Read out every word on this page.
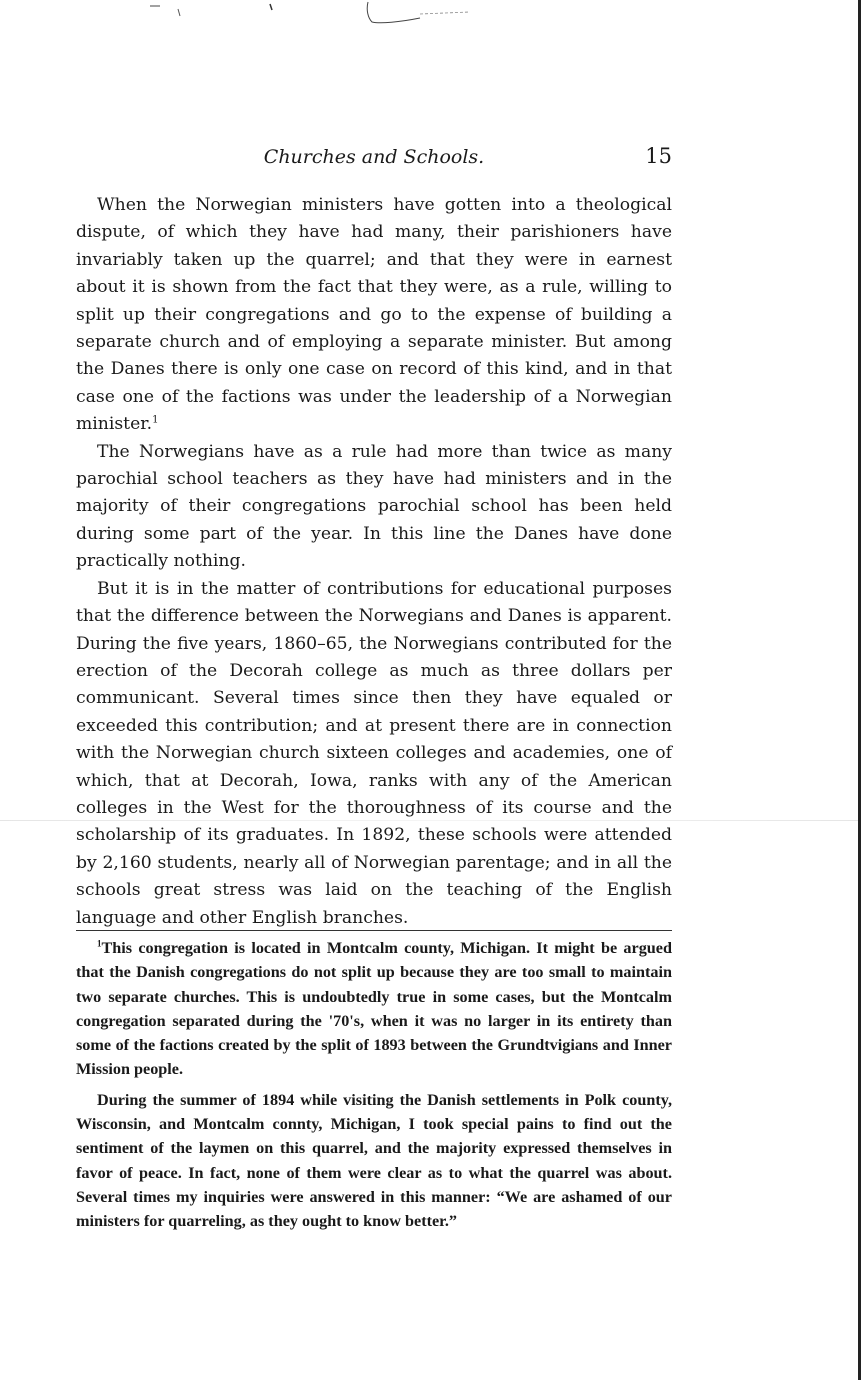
Churches and Schools.	15

When the Norwegian ministers have gotten into a theological dispute, of which they have had many, their parishioners have invariably taken up the quarrel; and that they were in earnest about it is shown from the fact that they were, as a rule, willing to split up their congregations and go to the expense of building a separate church and of employing a separate minister. But among the Danes there is only one case on record of this kind, and in that case one of the factions was under the leadership of a Norwegian minister.$^1$

The Norwegians have as a rule had more than twice as many parochial school teachers as they have had ministers and in the majority of their congregations parochial school has been held during some part of the year. In this line the Danes have done practically nothing.

But it is in the matter of contributions for educational purposes that the difference between the Norwegians and Danes is apparent. During the five years, 1860–65, the Norwegians contributed for the erection of the Decorah college as much as three dollars per communicant. Several times since then they have equaled or exceeded this contribution; and at present there are in connection with the Norwegian church sixteen colleges and academies, one of which, that at Decorah, Iowa, ranks with any of the American colleges in the West for the thoroughness of its course and the scholarship of its graduates. In 1892, these schools were attended by 2,160 students, nearly all of Norwegian parentage; and in all the schools great stress was laid on the teaching of the English language and other English branches.

$^1$This congregation is located in Montcalm county, Michigan. It might be argued that the Danish congregations do not split up because they are too small to maintain two separate churches. This is undoubtedly true in some cases, but the Montcalm congregation separated during the '70's, when it was no larger in its entirety than some of the factions created by the split of 1893 between the Grundtvigians and Inner Mission people.

During the summer of 1894 while visiting the Danish settlements in Polk county, Wisconsin, and Montcalm connty, Michigan, I took special pains to find out the sentiment of the laymen on this quarrel, and the majority expressed themselves in favor of peace. In fact, none of them were clear as to what the quarrel was about. Several times my inquiries were answered in this manner: “We are ashamed of our ministers for quarreling, as they ought to know better.”
